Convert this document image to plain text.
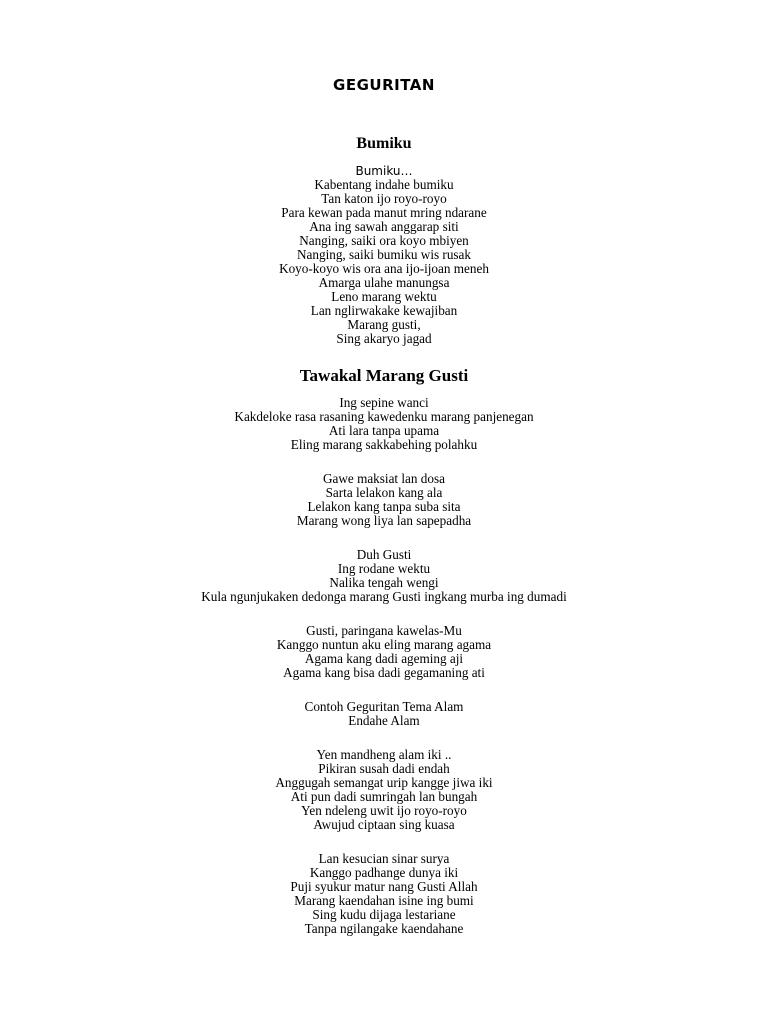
GEGURITAN
Bumiku
Bumiku…
Kabentang indahe bumiku
Tan katon ijo royo-royo
Para kewan pada manut mring ndarane
Ana ing sawah anggarap siti
Nanging, saiki ora koyo mbiyen
Nanging, saiki bumiku wis rusak
Koyo-koyo wis ora ana ijo-ijoan meneh
Amarga ulahe manungsa
Leno marang wektu
Lan nglirwakake kewajiban
Marang gusti,
Sing akaryo jagad
Tawakal Marang Gusti
Ing sepine wanci
Kakdeloke rasa rasaning kawedenku marang panjenegan
Ati lara tanpa upama
Eling marang sakkabehing polahku
Gawe maksiat lan dosa
Sarta lelakon kang ala
Lelakon kang tanpa suba sita
Marang wong liya lan sapepadha
Duh Gusti
Ing rodane wektu
Nalika tengah wengi
Kula ngunjukaken dedonga marang Gusti ingkang murba ing dumadi
Gusti, paringana kawelas-Mu
Kanggo nuntun aku eling marang agama
Agama kang dadi ageming aji
Agama kang bisa dadi gegamaning ati
Contoh Geguritan Tema Alam
Endahe Alam
Yen mandheng alam iki ..
Pikiran susah dadi endah
Anggugah semangat urip kangge jiwa iki
Ati pun dadi sumringah lan bungah
Yen ndeleng uwit ijo royo-royo
Awujud ciptaan sing kuasa
Lan kesucian sinar surya
Kanggo padhange dunya iki
Puji syukur matur nang Gusti Allah
Marang kaendahan isine ing bumi
Sing kudu dijaga lestariane
Tanpa ngilangake kaendahane
